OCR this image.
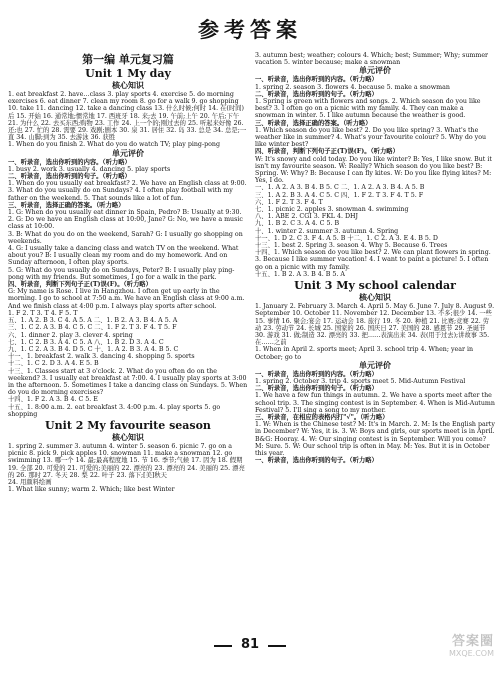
参考答案

第一编 单元复习篇

Unit 1 My day

核心知识

1. eat breakfast 2. have…class 3. play sports 4. exercise 5. do morning exercises 6. eat dinner 7. clean my room 8. go for a walk 9. go shopping 10. take 11. dancing 12. take a dancing class 13. 什么时候;何时 14. 在(时间)后 15. 开始 16. 通常地;惯常地 17. 西班牙 18. 来;去 19. 午前;上午 20. 午后;下午 21. 为什么 22. 去买东西;购物 23. 工作 24. 上一个的;刚过去的 25. 听起来好像 26. 还;也 27. 忙的 28. 需要 29. 戏剧;剧本 30. 泉 31. 居住 32. 岛 33. 总是 34. 总是;一直 34. 山脚;到为 35. 去游泳 36. 获胜

1. When do you finish 2. What do you do watch TV; play ping-pong

单元评价

一、听录音，选出你听到的内容。（听力略）

1. busy 2. work 3. usually 4. dancing 5. play sports

二、听录音，选出你听到的句子。（听力略）

1. When do you usually eat breakfast? 2. We have an English class at 9:00. 3. What do you usually do on Sundays? 4. I often play football with my father on the weekend. 5. That sounds like a lot of fun.

三、听录音，选择正确的答案。（听力略）

1. G: When do you usually eat dinner in Spain, Pedro? B: Usually at 9:30.

2. G: Do we have an English class at 10:00, Jane? G: No, we have a music class at 10:00.

3. B: What do you do on the weekend, Sarah? G: I usually go shopping on weekends.

4. G: I usually take a dancing class and watch TV on the weekend. What about you? B: I usually clean my room and do my homework. And on Sunday afternoon, I often play sports.

5. G: What do you usually do on Sundays, Peter? B: I usually play ping-pong with my friends. But sometimes, I go for a walk in the park.

四、听录音，判断下列句子正(T)误(F)。（听力略）

G: My name is Rose. I live in Hangzhou. I often get up early in the morning. I go to school at 7:50 a.m. We have an English class at 9:00 a.m. And we finish class at 4:00 p.m. I always play sports after school.

1. F 2. T 3. T 4. F 5. T

五、1. A 2. B 3. C 4. A 5. A 二、1. B 2. A 3. B 4. A 5. A

三、1. C 2. A 3. B 4. C 5. C 二、1. F 2. T 3. F 4. T 5. F

六、1. dinner 2. play 3. clever 4. spring

七、1. C 2. B 3. A 4. C 5. A 八、1. B 2. D 3. A 4. C

九、1. C 2. A 3. B 4. D 5. C 十、1. A 2. B 3. A 4. B 5. C

十一、1. breakfast 2. walk 3. dancing 4. shopping 5. sports

十二、1. C 2. D 3. A 4. E 5. B

十三、1. Classes start at 3 o'clock. 2. What do you often do on the weekend? 3. I usually eat breakfast at 7:00. 4. I usually play sports at 3:00 in the afternoon. 5. Sometimes I take a dancing class on Sundays. 5. When do you do morning exercises?

十四、1. F 2. A 3. B 4. C 5. E

十五、1. 8:00 a.m. 2. eat breakfast 3. 4:00 p.m. 4. play sports 5. go shopping

Unit 2 My favourite season

核心知识

1. spring 2. summer 3. autumn 4. winter 5. season 6. picnic 7. go on a picnic 8. pick 9. pick apples 10. snowman 11. make a snowman 12. go swimming 13. 哪一个 14. 最;最高程度地 15. 节 16. 季节;气候 17. 因为 18. 假期 19. 全部 20. 可爱的 21. 可爱的;美丽的 22. 漂亮的 23. 漂亮的 24. 美丽的 25. 漂亮的 26. 那时 27. 冬天 28. 梨 22. 叶子 23. 落下;[美]秋天

24. 用颜料绘画

1. What like sunny; warm 2. Which; like best Winter

3. autumn best; weather; colours 4. Which; best; Summer; Why; summer vacation 5. winter because; make a snowman

单元评价

一、听录音，选出你听到的内容。（听力略）

1. spring 2. season 3. flowers 4. because 5. make a snowman

二、听录音，选出你听到的句子。（听力略）

1. Spring is green with flowers and songs. 2. Which season do you like best? 3. I often go on a picnic with my family. 4. They can make a snowman in winter. 5. I like autumn because the weather is good.

三、听录音，选择正确的答案。（听力略）

1. Which season do you like best? 2. Do you like spring? 3. What's the weather like in summer? 4. What's your favourite colour? 5. Why do you like winter best?

四、听录音，判断下列句子正(T)误(F)。（听力略）

W: It's snowy and cold today. Do you like winter? B: Yes, I like snow. But it isn't my favourite season. W: Really? Which season do you like best? B: Spring. W: Why? B: Because I can fly kites. W: Do you like flying kites? M: Yes, I do.

一、1. A 2. A 3. B 4. B 5. C 二、1. A 2. A 3. B 4. A 5. B

三、1. A 2. B 3. A 4. C 5. C 四、1. F 2. T 3. F 4. T 5. F

六、1. F 2. T 3. F 4. T

七、1. picnic 2. apples 3. snowman 4. swimming

八、1. ABE 2. CGI 3. FKL 4. DHJ

九、1. B 2. C 3. A 4. C 5. B

十、1. winter 2. summer 3. autumn 4. Spring

十一、1. D 2. C 3. F 4. A 5. B 十二、1. C 2. A 3. E 4. B 5. D

十三、1. best 2. Spring 3. season 4. Why 5. Because 6. Trees

十四、1. Which season do you like best? 2. We can plant flowers in spring. 3. Because I like summer vacation! 4. I want to paint a picture! 5. I often go on a picnic with my family.

十五、1. B 2. A 3. B 4. B 5. A

Unit 3 My school calendar

核心知识

1. January 2. February 3. March 4. April 5. May 6. June 7. July 8. August 9. September 10. October 11. November 12. December 13. 不多;很少 14. 一些 15. 事情 16. 聚会;宴会 17. 运动会 18. 旅行 19. 冬 20. 种植 21. 比赛;竞赛 22. 劳动 23. 劳动节 24. 长城 25. 国家的 26. 国庆日 27. 美国的 28. 感恩节 29. 圣诞节 30. 游戏 31. 做;制造 32. 漂亮的 33. 把……表演出来 34. 表(用于过去);讲故事 35. 在……之前

1. When in April 2. sports meet; April 3. school trip 4. When; year in October; go to

单元评价

一、听录音，选出你听到的内容。（听力略）

1. spring 2. October 3. trip 4. sports meet 5. Mid-Autumn Festival

二、听录音，选出你听到的句子。（听力略）

1. We have a few fun things in autumn. 2. We have a sports meet after the school trip. 3. The singing contest is in September. 4. When is Mid-Autumn Festival? 5. I'll sing a song to my mother.

三、听录音，在相应的表格内打"√"。（听力略）

1. W: When is the Chinese test? M: It's in March. 2. M: Is the English party in December? W: Yes, it is. 3. W: Boys and girls, our sports meet is in April. B&G: Hooray. 4. W: Our singing contest is in September. Will you come? M: Sure. 5. W: Our school trip is often in May. M: Yes. But it is in October this year.

一、听录音，选出你听到的句子。（听力略）

81	答案圈
MXQE.COM
